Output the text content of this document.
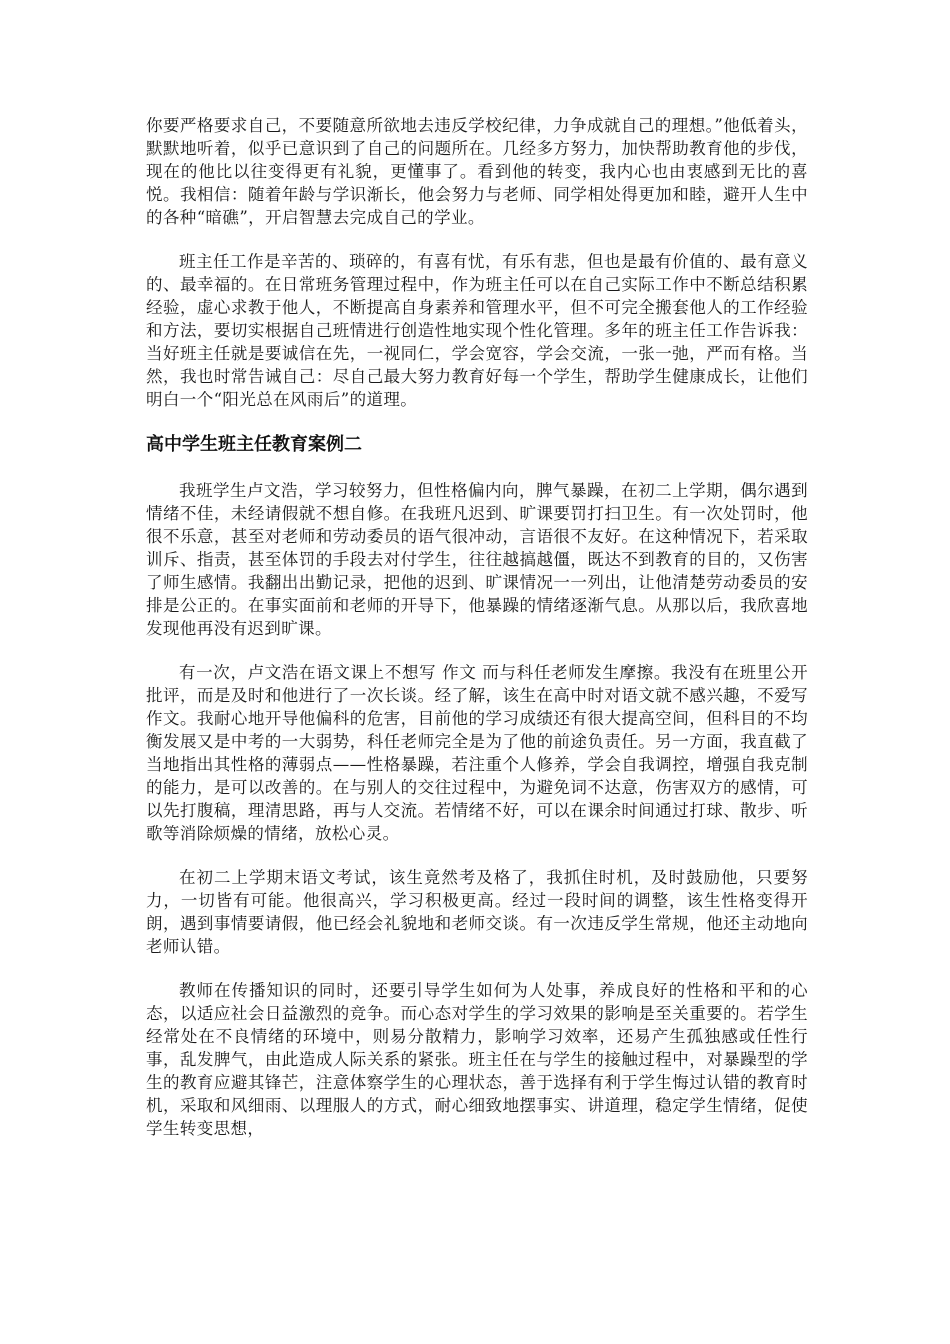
你要严格要求自己，不要随意所欲地去违反学校纪律，力争成就自己的理想。”他低着头，默默地听着，似乎已意识到了自己的问题所在。几经多方努力，加快帮助教育他的步伐，现在的他比以往变得更有礼貌，更懂事了。看到他的转变，我内心也由衷感到无比的喜悦。我相信：随着年龄与学识渐长，他会努力与老师、同学相处得更加和睦，避开人生中的各种“暗礁”，开启智慧去完成自己的学业。

班主任工作是辛苦的、琐碎的，有喜有忧，有乐有悲，但也是最有价值的、最有意义的、最幸福的。在日常班务管理过程中，作为班主任可以在自己实际工作中不断总结积累经验，虚心求教于他人，不断提高自身素养和管理水平，但不可完全搬套他人的工作经验和方法，要切实根据自己班情进行创造性地实现个性化管理。多年的班主任工作告诉我：当好班主任就是要诚信在先，一视同仁，学会宽容，学会交流，一张一弛，严而有格。当然，我也时常告诫自己：尽自己最大努力教育好每一个学生，帮助学生健康成长，让他们明白一个“阳光总在风雨后”的道理。

高中学生班主任教育案例二

我班学生卢文浩，学习较努力，但性格偏内向，脾气暴躁，在初二上学期，偶尔遇到情绪不佳，未经请假就不想自修。在我班凡迟到、旷课要罚打扫卫生。有一次处罚时，他很不乐意，甚至对老师和劳动委员的语气很冲动，言语很不友好。在这种情况下，若采取训斥、指责，甚至体罚的手段去对付学生，往往越搞越僵，既达不到教育的目的，又伤害了师生感情。我翻出出勤记录，把他的迟到、旷课情况一一列出，让他清楚劳动委员的安排是公正的。在事实面前和老师的开导下，他暴躁的情绪逐渐气息。从那以后，我欣喜地发现他再没有迟到旷课。

有一次，卢文浩在语文课上不想写 作文 而与科任老师发生摩擦。我没有在班里公开批评，而是及时和他进行了一次长谈。经了解，该生在高中时对语文就不感兴趣，不爱写作文。我耐心地开导他偏科的危害，目前他的学习成绩还有很大提高空间，但科目的不均衡发展又是中考的一大弱势，科任老师完全是为了他的前途负责任。另一方面，我直截了当地指出其性格的薄弱点——性格暴躁，若注重个人修养，学会自我调控，增强自我克制的能力，是可以改善的。在与别人的交往过程中，为避免词不达意，伤害双方的感情，可以先打腹稿，理清思路，再与人交流。若情绪不好，可以在课余时间通过打球、散步、听歌等消除烦燥的情绪，放松心灵。

在初二上学期末语文考试，该生竟然考及格了，我抓住时机，及时鼓励他，只要努力，一切皆有可能。他很高兴，学习积极更高。经过一段时间的调整，该生性格变得开朗，遇到事情要请假，他已经会礼貌地和老师交谈。有一次违反学生常规，他还主动地向老师认错。

教师在传播知识的同时，还要引导学生如何为人处事，养成良好的性格和平和的心态，以适应社会日益激烈的竞争。而心态对学生的学习效果的影响是至关重要的。若学生经常处在不良情绪的环境中，则易分散精力，影响学习效率，还易产生孤独感或任性行事，乱发脾气，由此造成人际关系的紧张。班主任在与学生的接触过程中，对暴躁型的学生的教育应避其锋芒，注意体察学生的心理状态，善于选择有利于学生悔过认错的教育时机，采取和风细雨、以理服人的方式，耐心细致地摆事实、讲道理，稳定学生情绪，促使学生转变思想，
